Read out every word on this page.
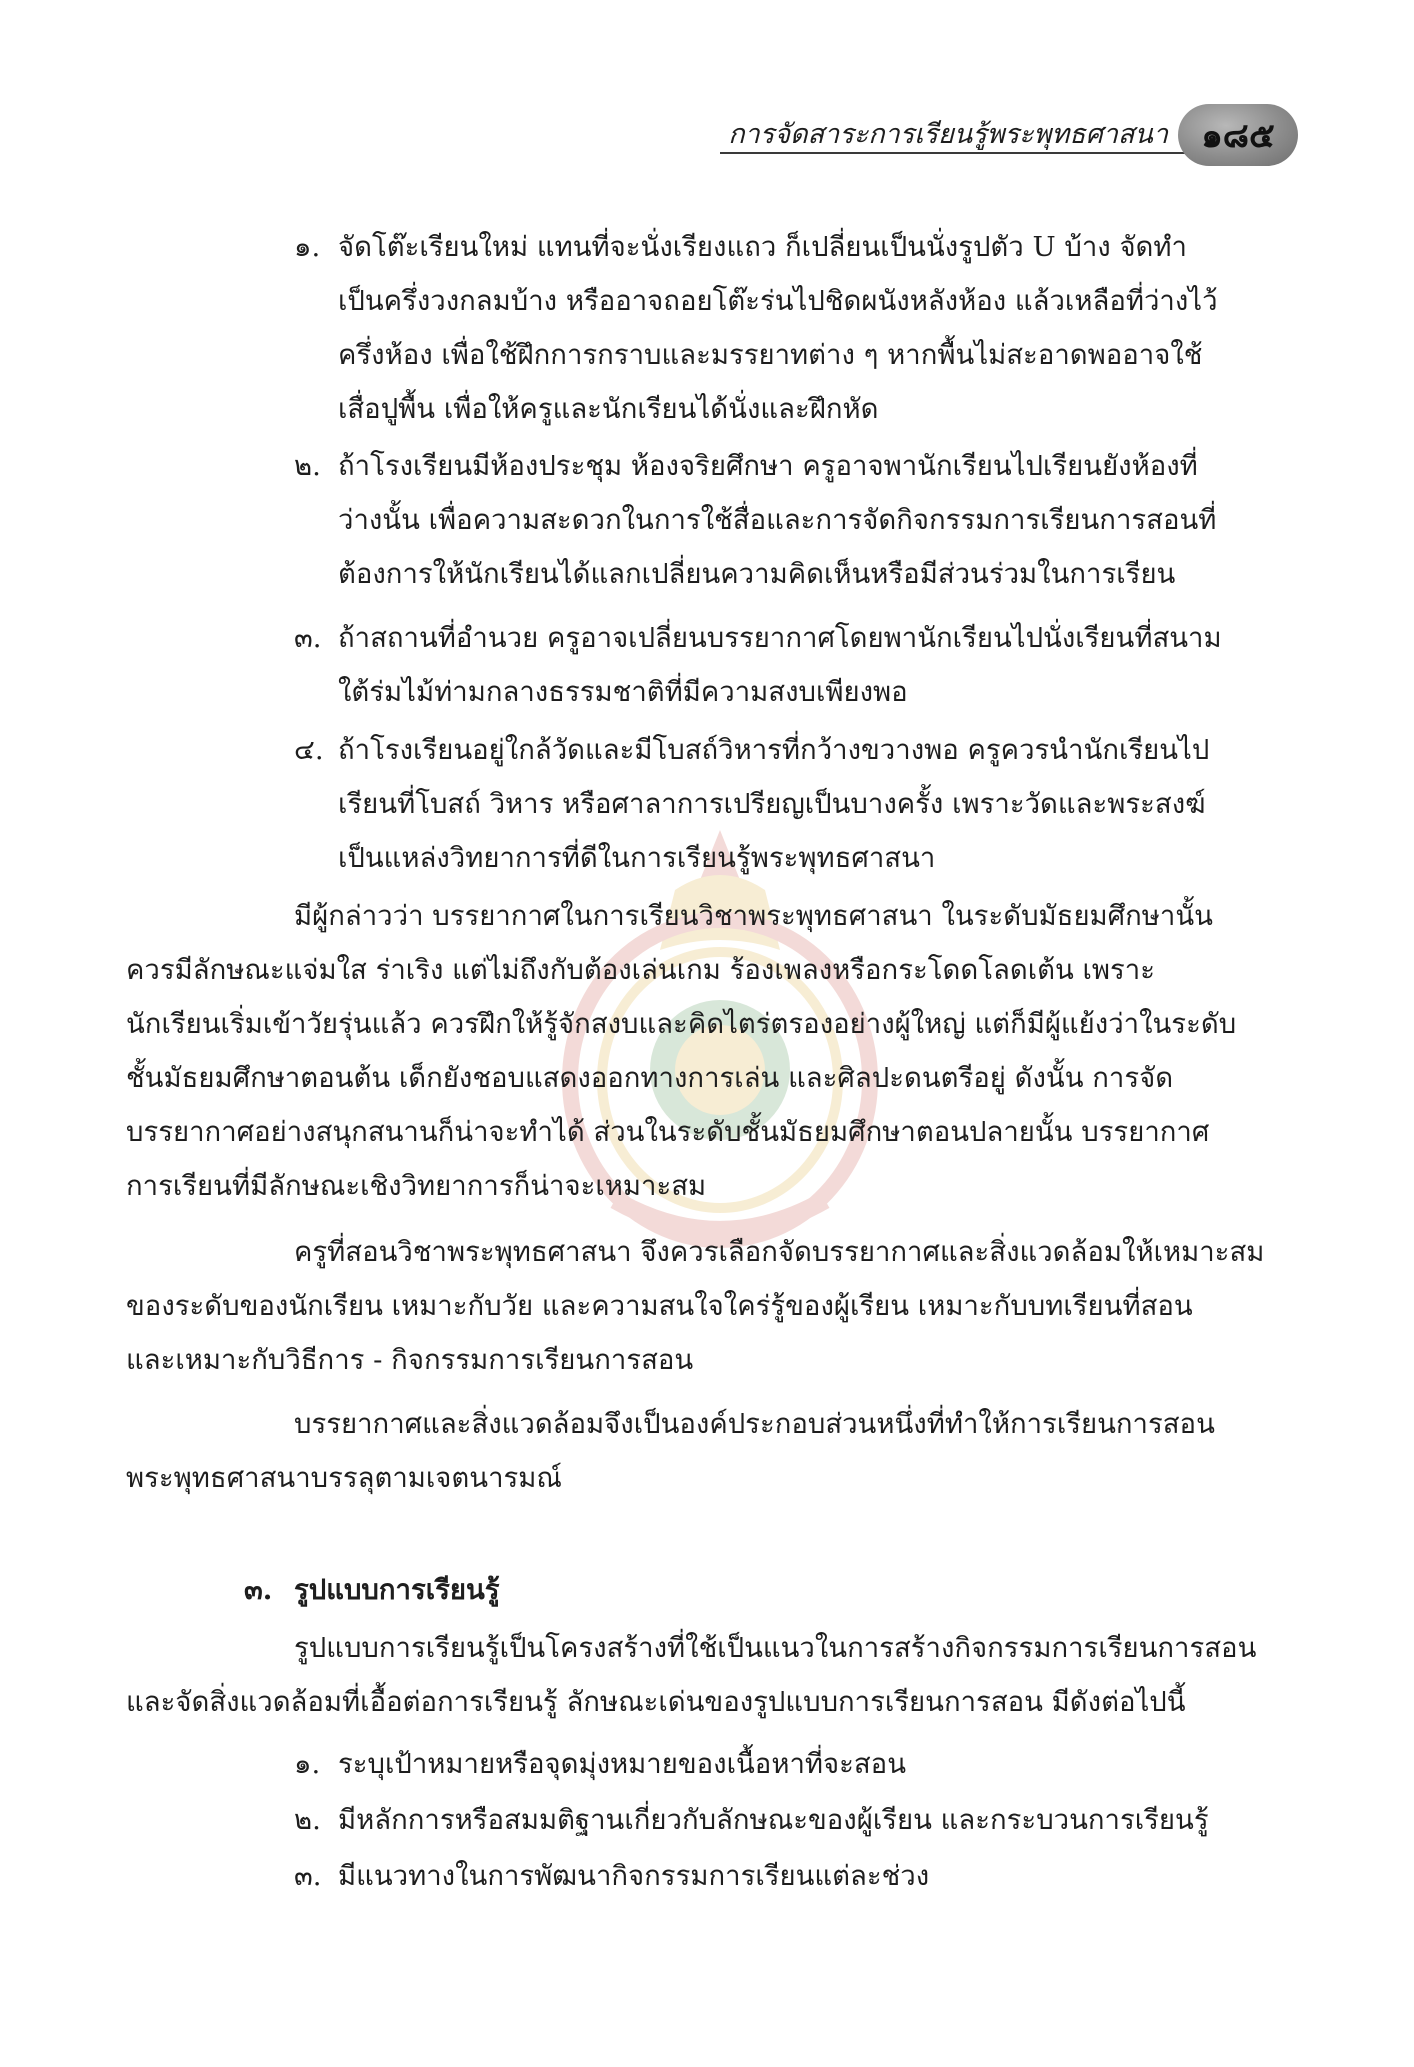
การจัดสาระการเรียนรู้พระพุทธศาสนา ๑๘๕
๑. จัดโต๊ะเรียนใหม่ แทนที่จะนั่งเรียงแถว ก็เปลี่ยนเป็นนั่งรูปตัว U บ้าง จัดทำ
เป็นครึ่งวงกลมบ้าง หรืออาจถอยโต๊ะร่นไปชิดผนังหลังห้อง แล้วเหลือที่ว่างไว้
ครึ่งห้อง เพื่อใช้ฝึกการกราบและมรรยาทต่าง ๆ หากพื้นไม่สะอาดพออาจใช้
เสื่อปูพื้น เพื่อให้ครูและนักเรียนได้นั่งและฝึกหัด
๒. ถ้าโรงเรียนมีห้องประชุม ห้องจริยศึกษา ครูอาจพานักเรียนไปเรียนยังห้องที่
ว่างนั้น เพื่อความสะดวกในการใช้สื่อและการจัดกิจกรรมการเรียนการสอนที่
ต้องการให้นักเรียนได้แลกเปลี่ยนความคิดเห็นหรือมีส่วนร่วมในการเรียน
๓. ถ้าสถานที่อำนวย ครูอาจเปลี่ยนบรรยากาศโดยพานักเรียนไปนั่งเรียนที่สนาม
ใต้ร่มไม้ท่ามกลางธรรมชาติที่มีความสงบเพียงพอ
๔. ถ้าโรงเรียนอยู่ใกล้วัดและมีโบสถ์วิหารที่กว้างขวางพอ ครูควรนำนักเรียนไป
เรียนที่โบสถ์ วิหาร หรือศาลาการเปรียญเป็นบางครั้ง เพราะวัดและพระสงฆ์
เป็นแหล่งวิทยาการที่ดีในการเรียนรู้พระพุทธศาสนา
มีผู้กล่าวว่า บรรยากาศในการเรียนวิชาพระพุทธศาสนา ในระดับมัธยมศึกษานั้น
ควรมีลักษณะแจ่มใส ร่าเริง แต่ไม่ถึงกับต้องเล่นเกม ร้องเพลงหรือกระโดดโลดเต้น เพราะ
นักเรียนเริ่มเข้าวัยรุ่นแล้ว ควรฝึกให้รู้จักสงบและคิดไตร่ตรองอย่างผู้ใหญ่ แต่ก็มีผู้แย้งว่าในระดับ
ชั้นมัธยมศึกษาตอนต้น เด็กยังชอบแสดงออกทางการเล่น และศิลปะดนตรีอยู่ ดังนั้น การจัด
บรรยากาศอย่างสนุกสนานก็น่าจะทำได้ ส่วนในระดับชั้นมัธยมศึกษาตอนปลายนั้น บรรยากาศ
การเรียนที่มีลักษณะเชิงวิทยาการก็น่าจะเหมาะสม
ครูที่สอนวิชาพระพุทธศาสนา จึงควรเลือกจัดบรรยากาศและสิ่งแวดล้อมให้เหมาะสม
ของระดับของนักเรียน เหมาะกับวัย และความสนใจใคร่รู้ของผู้เรียน เหมาะกับบทเรียนที่สอน
และเหมาะกับวิธีการ - กิจกรรมการเรียนการสอน
บรรยากาศและสิ่งแวดล้อมจึงเป็นองค์ประกอบส่วนหนึ่งที่ทำให้การเรียนการสอน
พระพุทธศาสนาบรรลุตามเจตนารมณ์
๓. รูปแบบการเรียนรู้
รูปแบบการเรียนรู้เป็นโครงสร้างที่ใช้เป็นแนวในการสร้างกิจกรรมการเรียนการสอน
และจัดสิ่งแวดล้อมที่เอื้อต่อการเรียนรู้ ลักษณะเด่นของรูปแบบการเรียนการสอน มีดังต่อไปนี้
๑. ระบุเป้าหมายหรือจุดมุ่งหมายของเนื้อหาที่จะสอน
๒. มีหลักการหรือสมมติฐานเกี่ยวกับลักษณะของผู้เรียน และกระบวนการเรียนรู้
๓. มีแนวทางในการพัฒนากิจกรรมการเรียนแต่ละช่วง
